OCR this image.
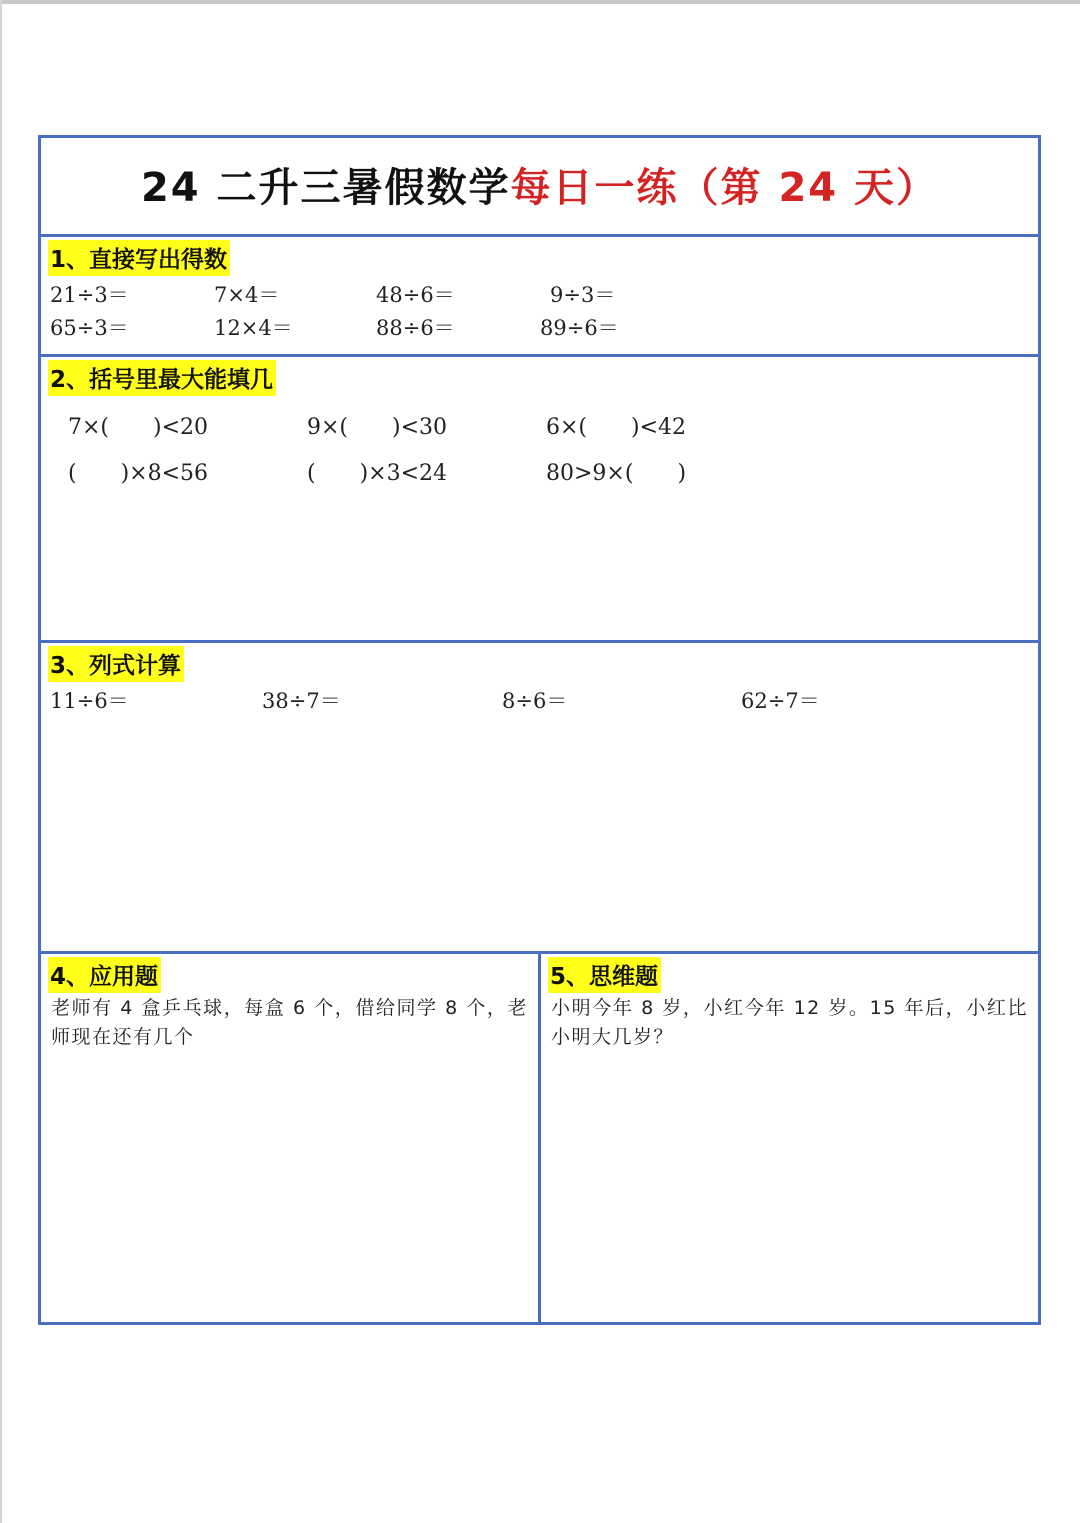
24 二升三暑假数学每日一练（第 24 天）
1、直接写出得数
21÷3＝	7×4＝	48÷6＝	9÷3＝
65÷3＝	12×4＝	88÷6＝	89÷6＝
2、括号里最大能填几
7×(　　)<20	9×(　　)<30	6×(　　)<42
(　　)×8<56	(　　)×3<24	80>9×(　　)
3、列式计算
11÷6＝	38÷7＝	8÷6＝	62÷7＝
4、应用题
老师有 4 盒乒乓球，每盒 6 个，借给同学 8 个，老师现在还有几个
5、思维题
小明今年 8 岁，小红今年 12 岁。15 年后，小红比小明大几岁？
